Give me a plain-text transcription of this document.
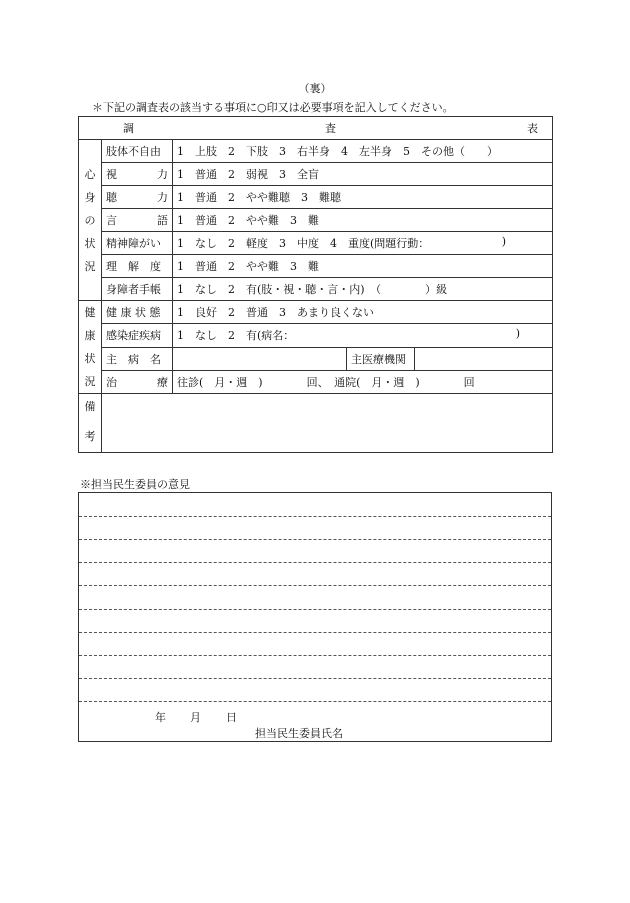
（裏）
＊下記の調査表の該当する事項に○印又は必要事項を記入してください。
調 査 表				

心
身
の
状
況	肢体不自由	1　上肢　2　下肢　3　右半身　4　左半身　5　その他（　　）		

	視 力	1　普通　2　弱視　3　全盲		

	聴 力	1　普通　2　やや難聴　3　難聴		

	言 語	1　普通　2　やや難　3　難		
	精神障がい	1　なし　2　軽度　3　中度　4　重度(問題行動： )		

	理　解　度	1　普通　2　やや難　3　難		
	身障者手帳	1　なし　2　有(肢・視・聴・言・内)　（　　　　）級		

健
康
状
況	健 康 状 態	1　良好　2　普通　3　あまり良くない		
	感染症疾病	1　なし　2　有(病名： )		

	主　病　名		主医療機関	

	治 療	往診(　月・週　)　　　　回、　通院(　月・週　)　　　　回		

備
考				

※担当民生委員の意見
年 月 日
担当民生委員氏名
